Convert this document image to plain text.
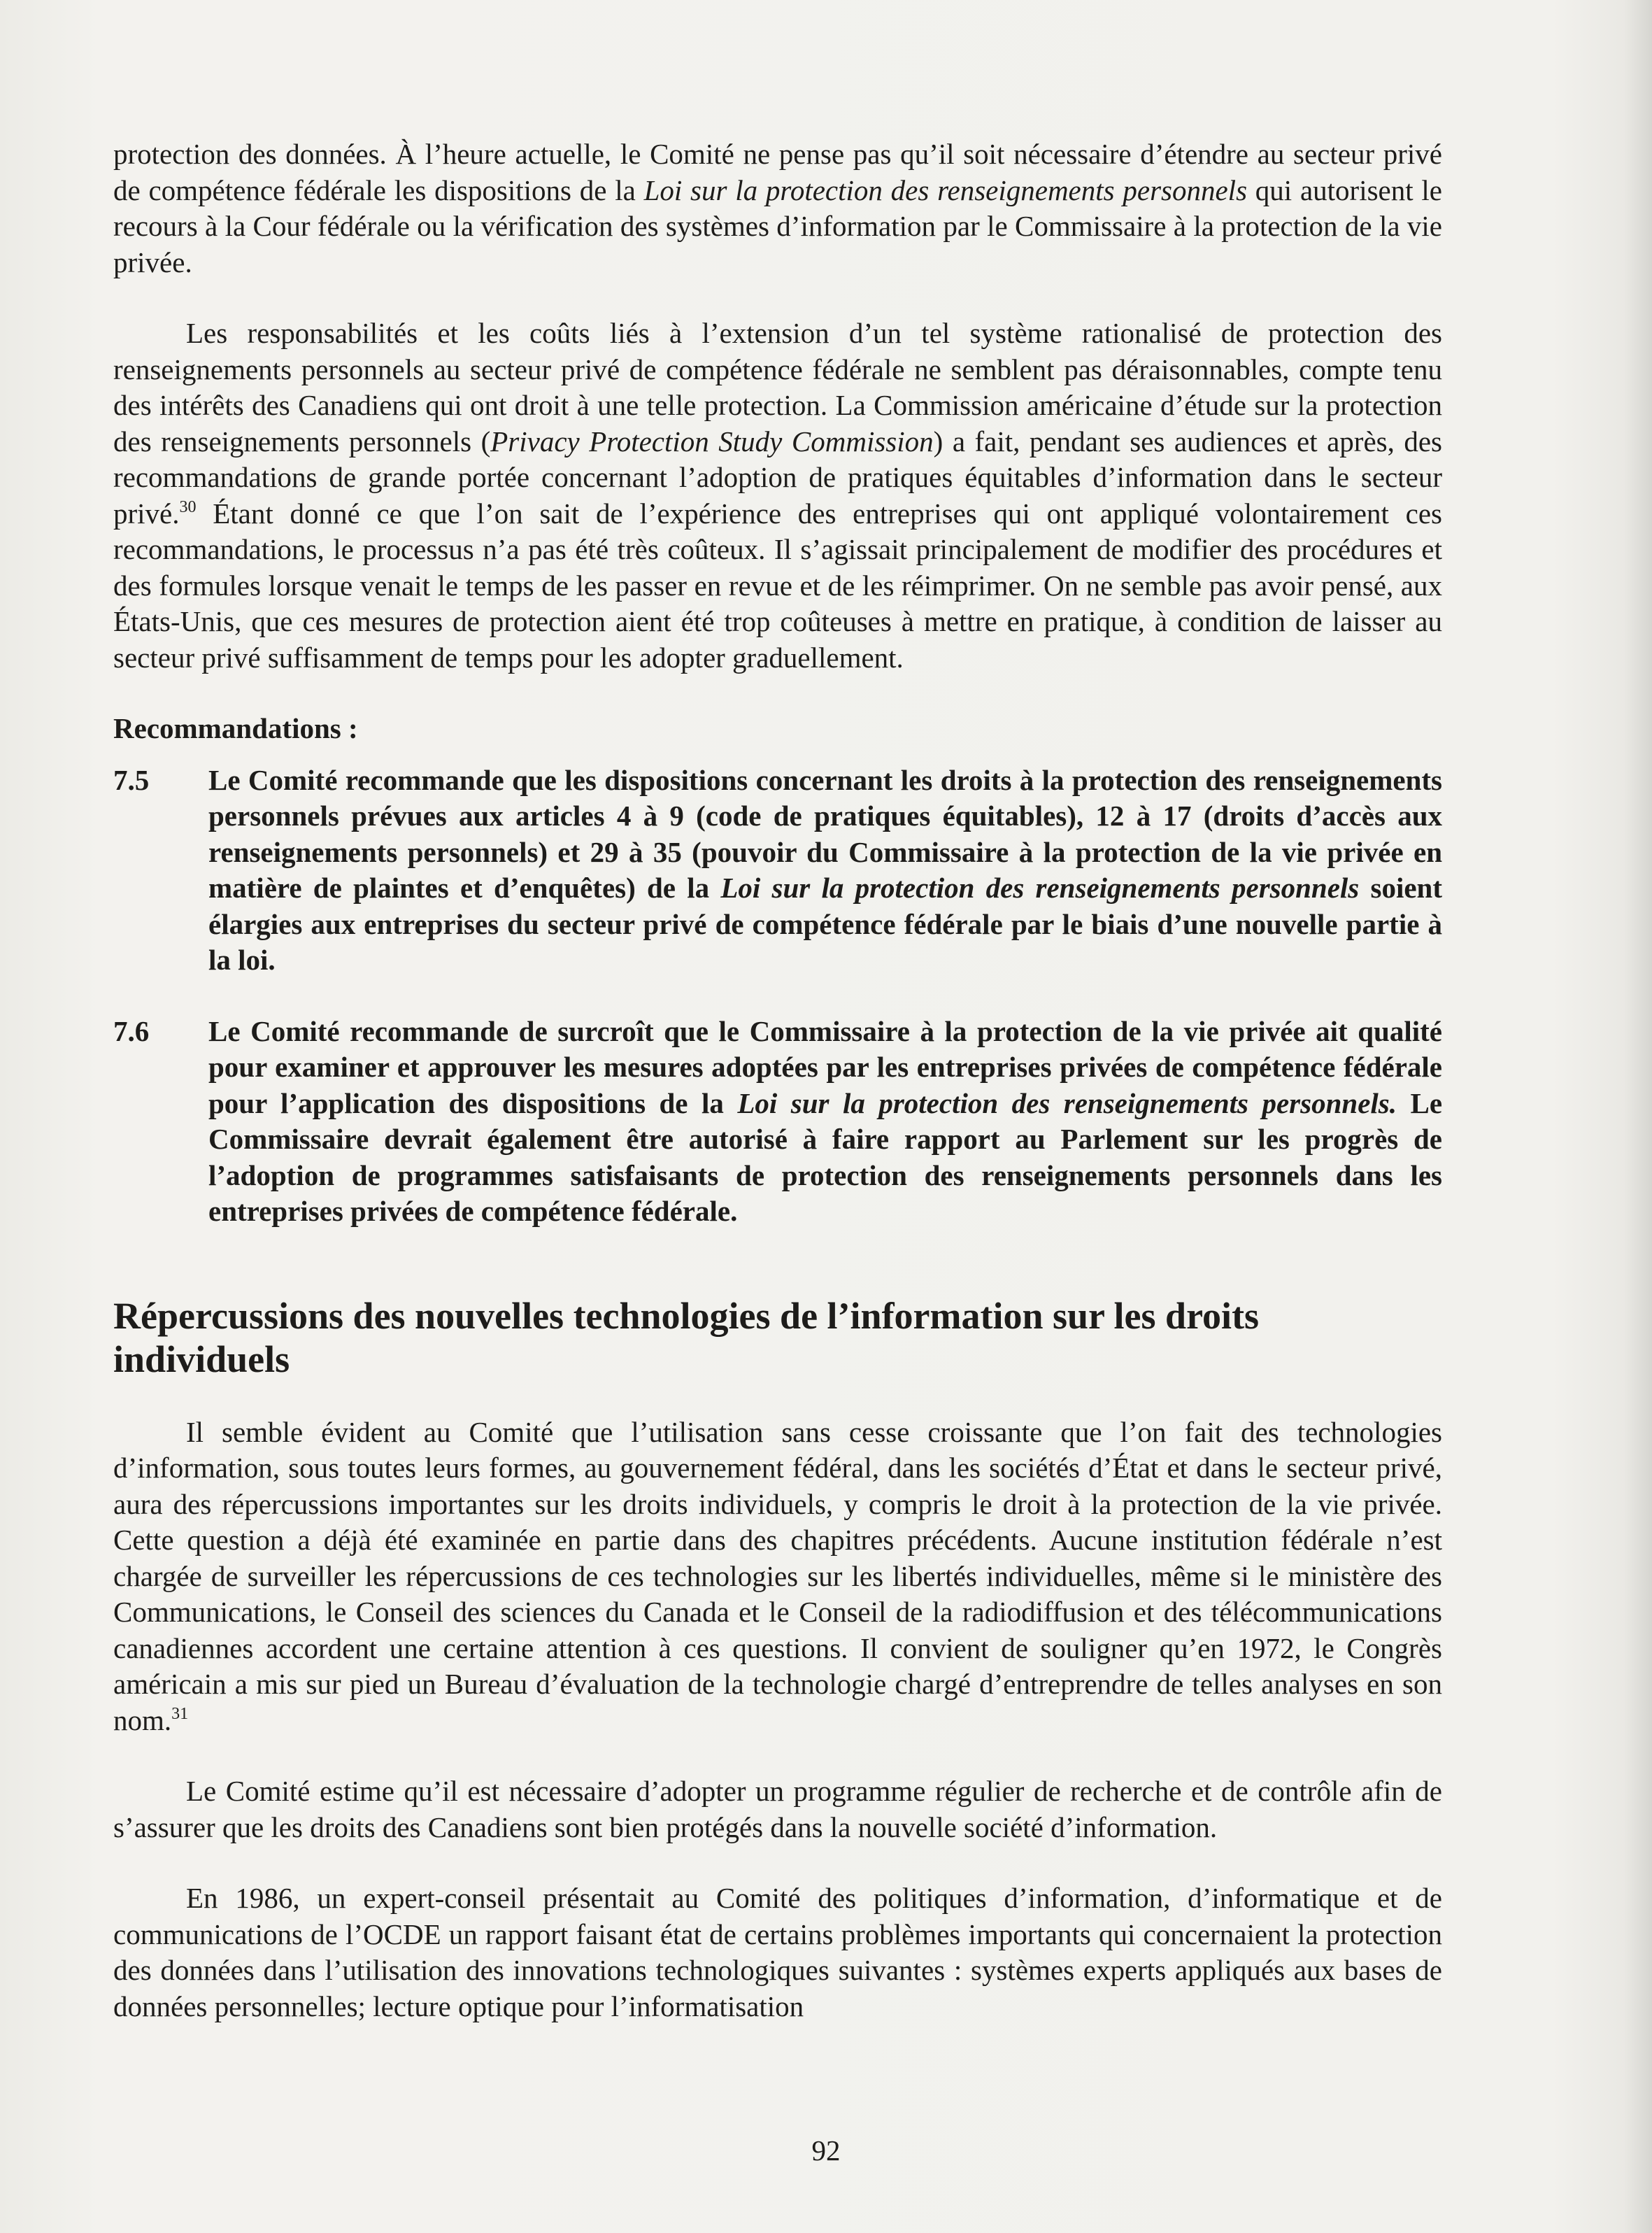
protection des données. À l’heure actuelle, le Comité ne pense pas qu’il soit nécessaire d’étendre au secteur privé de compétence fédérale les dispositions de la Loi sur la protection des renseignements personnels qui autorisent le recours à la Cour fédérale ou la vérification des systèmes d’information par le Commissaire à la protection de la vie privée.

Les responsabilités et les coûts liés à l’extension d’un tel système rationalisé de protection des renseignements personnels au secteur privé de compétence fédérale ne semblent pas déraisonnables, compte tenu des intérêts des Canadiens qui ont droit à une telle protection. La Commission américaine d’étude sur la protection des renseignements personnels (Privacy Protection Study Commission) a fait, pendant ses audiences et après, des recommandations de grande portée concernant l’adoption de pratiques équitables d’information dans le secteur privé.$^{30}$ Étant donné ce que l’on sait de l’expérience des entreprises qui ont appliqué volontairement ces recommandations, le processus n’a pas été très coûteux. Il s’agissait principalement de modifier des procédures et des formules lorsque venait le temps de les passer en revue et de les réimprimer. On ne semble pas avoir pensé, aux États-Unis, que ces mesures de protection aient été trop coûteuses à mettre en pratique, à condition de laisser au secteur privé suffisamment de temps pour les adopter graduellement.

Recommandations :

7.5	Le Comité recommande que les dispositions concernant les droits à la protection des renseignements personnels prévues aux articles 4 à 9 (code de pratiques équitables), 12 à 17 (droits d’accès aux renseignements personnels) et 29 à 35 (pouvoir du Commissaire à la protection de la vie privée en matière de plaintes et d’enquêtes) de la Loi sur la protection des renseignements personnels soient élargies aux entreprises du secteur privé de compétence fédérale par le biais d’une nouvelle partie à la loi.
7.6	Le Comité recommande de surcroît que le Commissaire à la protection de la vie privée ait qualité pour examiner et approuver les mesures adoptées par les entreprises privées de compétence fédérale pour l’application des dispositions de la Loi sur la protection des renseignements personnels. Le Commissaire devrait également être autorisé à faire rapport au Parlement sur les progrès de l’adoption de programmes satisfaisants de protection des renseignements personnels dans les entreprises privées de compétence fédérale.
Répercussions des nouvelles technologies de l’information sur les droits individuels

Il semble évident au Comité que l’utilisation sans cesse croissante que l’on fait des technologies d’information, sous toutes leurs formes, au gouvernement fédéral, dans les sociétés d’État et dans le secteur privé, aura des répercussions importantes sur les droits individuels, y compris le droit à la protection de la vie privée. Cette question a déjà été examinée en partie dans des chapitres précédents. Aucune institution fédérale n’est chargée de surveiller les répercussions de ces technologies sur les libertés individuelles, même si le ministère des Communications, le Conseil des sciences du Canada et le Conseil de la radiodiffusion et des télécommunications canadiennes accordent une certaine attention à ces questions. Il convient de souligner qu’en 1972, le Congrès américain a mis sur pied un Bureau d’évaluation de la technologie chargé d’entreprendre de telles analyses en son nom.$^{31}$

Le Comité estime qu’il est nécessaire d’adopter un programme régulier de recherche et de contrôle afin de s’assurer que les droits des Canadiens sont bien protégés dans la nouvelle société d’information.

En 1986, un expert-conseil présentait au Comité des politiques d’information, d’informatique et de communications de l’OCDE un rapport faisant état de certains problèmes importants qui concernaient la protection des données dans l’utilisation des innovations technologiques suivantes : systèmes experts appliqués aux bases de données personnelles; lecture optique pour l’informatisation

92
